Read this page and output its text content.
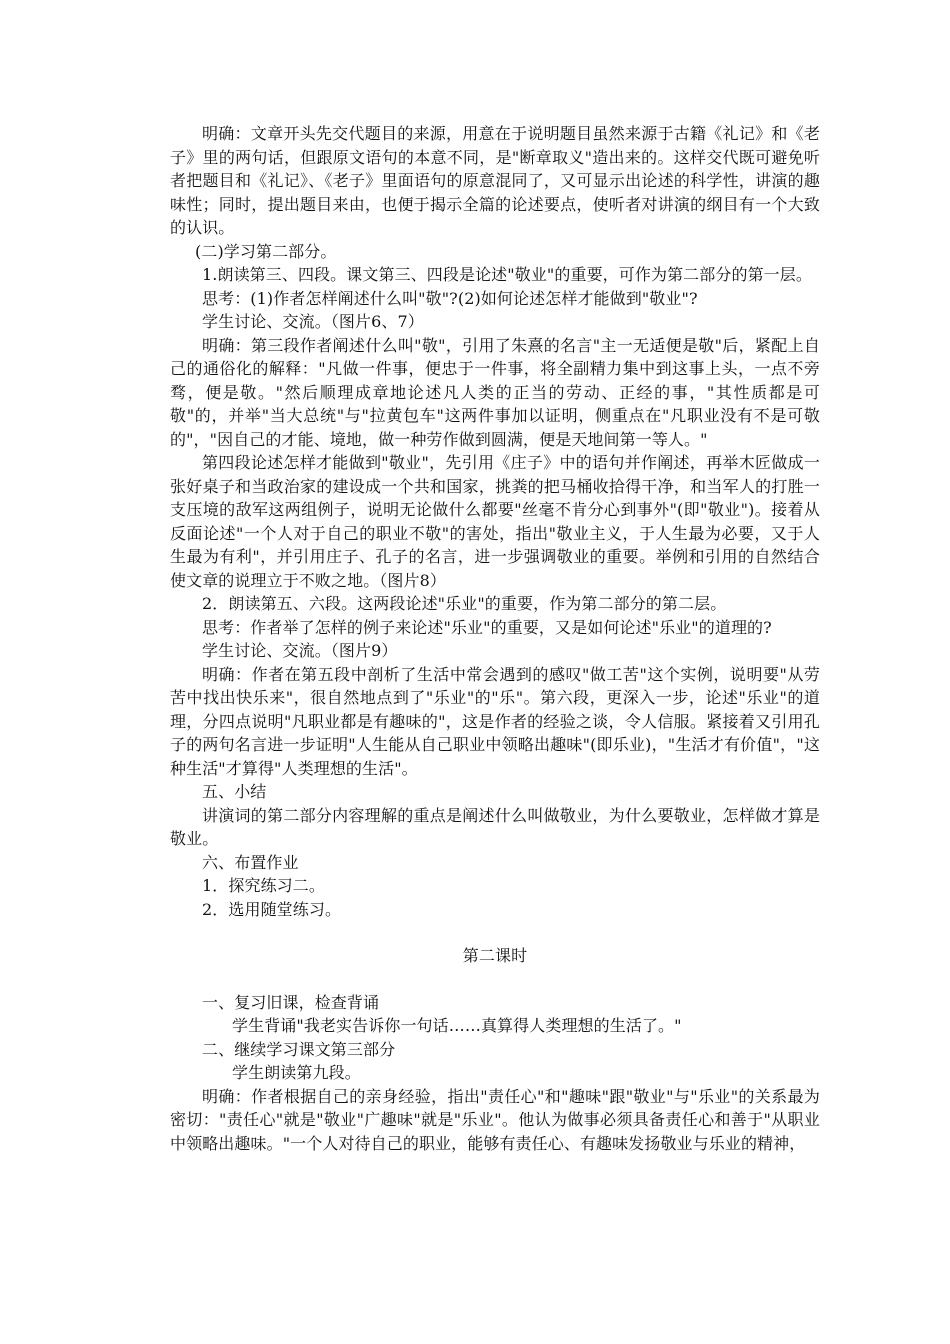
明确：文章开头先交代题目的来源，用意在于说明题目虽然来源于古籍《礼记》和《老子》里的两句话，但跟原文语句的本意不同，是"断章取义"造出来的。这样交代既可避免听者把题目和《礼记》、《老子》里面语句的原意混同了，又可显示出论述的科学性，讲演的趣味性；同时，提出题目来由，也便于揭示全篇的论述要点，使听者对讲演的纲目有一个大致的认识。

(二)学习第二部分。

1.朗读第三、四段。课文第三、四段是论述"敬业"的重要，可作为第二部分的第一层。

思考：(1)作者怎样阐述什么叫"敬"?(2)如何论述怎样才能做到"敬业"?

学生讨论、交流。（图片6、7）

明确：第三段作者阐述什么叫"敬"，引用了朱熹的名言"主一无适便是敬"后，紧配上自己的通俗化的解释："凡做一件事，便忠于一件事，将全副精力集中到这事上头，一点不旁骛，便是敬。"然后顺理成章地论述凡人类的正当的劳动、正经的事，"其性质都是可敬"的，并举"当大总统"与"拉黄包车"这两件事加以证明，侧重点在"凡职业没有不是可敬的"，"因自己的才能、境地，做一种劳作做到圆满，便是天地间第一等人。"

第四段论述怎样才能做到"敬业"，先引用《庄子》中的语句并作阐述，再举木匠做成一张好桌子和当政治家的建设成一个共和国家，挑粪的把马桶收拾得干净，和当军人的打胜一支压境的敌军这两组例子，说明无论做什么都要"丝毫不肯分心到事外"(即"敬业")。接着从反面论述"一个人对于自己的职业不敬"的害处，指出"敬业主义，于人生最为必要，又于人生最为有利"，并引用庄子、孔子的名言，进一步强调敬业的重要。举例和引用的自然结合使文章的说理立于不败之地。（图片8）

2．朗读第五、六段。这两段论述"乐业"的重要，作为第二部分的第二层。

思考：作者举了怎样的例子来论述"乐业"的重要，又是如何论述"乐业"的道理的?

学生讨论、交流。（图片9）

明确：作者在第五段中剖析了生活中常会遇到的感叹"做工苦"这个实例，说明要"从劳苦中找出快乐来"，很自然地点到了"乐业"的"乐"。第六段，更深入一步，论述"乐业"的道理，分四点说明"凡职业都是有趣味的"，这是作者的经验之谈，令人信服。紧接着又引用孔子的两句名言进一步证明"人生能从自己职业中领略出趣味"(即乐业)，"生活才有价值"，"这种生活"才算得"人类理想的生活"。

五、小结

讲演词的第二部分内容理解的重点是阐述什么叫做敬业，为什么要敬业，怎样做才算是敬业。

六、布置作业

1．探究练习二。

2．选用随堂练习。

第二课时

一、复习旧课，检查背诵

学生背诵"我老实告诉你一句话……真算得人类理想的生活了。"

二、继续学习课文第三部分

学生朗读第九段。

明确：作者根据自己的亲身经验，指出"责任心"和"趣味"跟"敬业"与"乐业"的关系最为密切："责任心"就是"敬业"广趣味"就是"乐业"。他认为做事必须具备责任心和善于"从职业中领略出趣味。"一个人对待自己的职业，能够有责任心、有趣味发扬敬业与乐业的精神，
